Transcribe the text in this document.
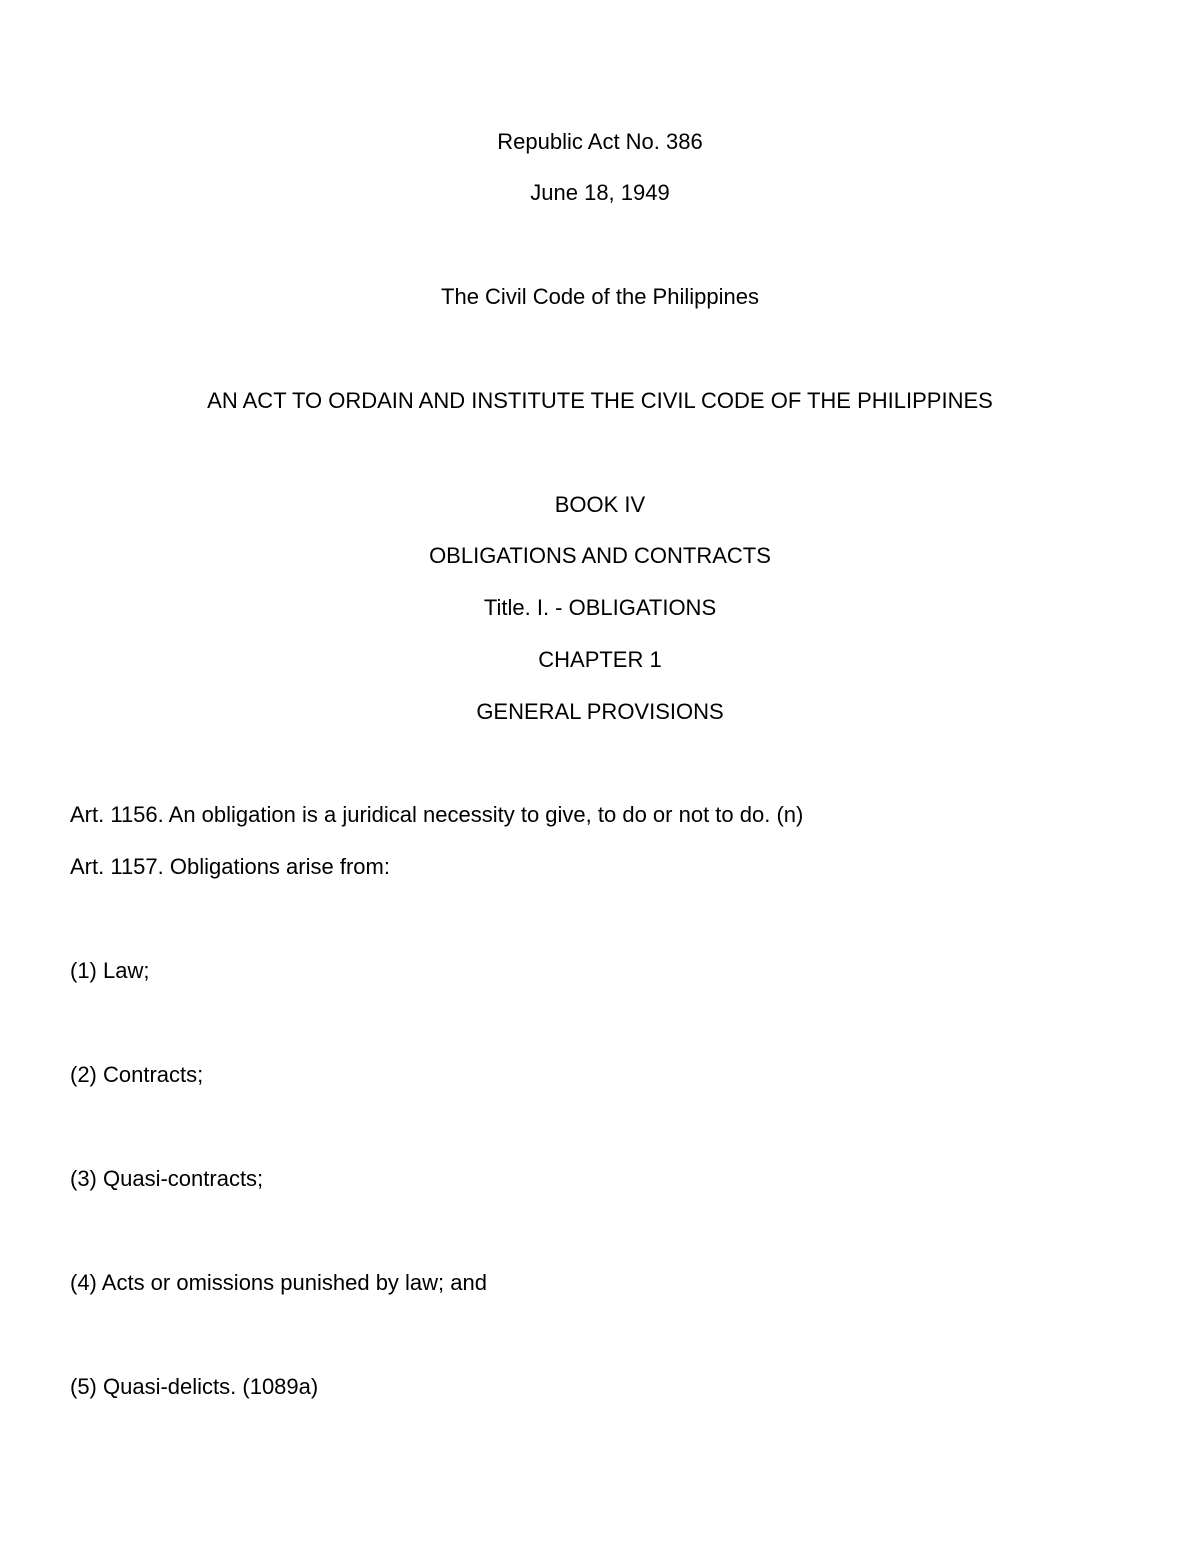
Republic Act No. 386

June 18, 1949

The Civil Code of the Philippines

AN ACT TO ORDAIN AND INSTITUTE THE CIVIL CODE OF THE PHILIPPINES

BOOK IV

OBLIGATIONS AND CONTRACTS

Title. I. - OBLIGATIONS

CHAPTER 1

GENERAL PROVISIONS

Art. 1156. An obligation is a juridical necessity to give, to do or not to do. (n)

Art. 1157. Obligations arise from:

(1) Law;

(2) Contracts;

(3) Quasi-contracts;

(4) Acts or omissions punished by law; and

(5) Quasi-delicts. (1089a)
